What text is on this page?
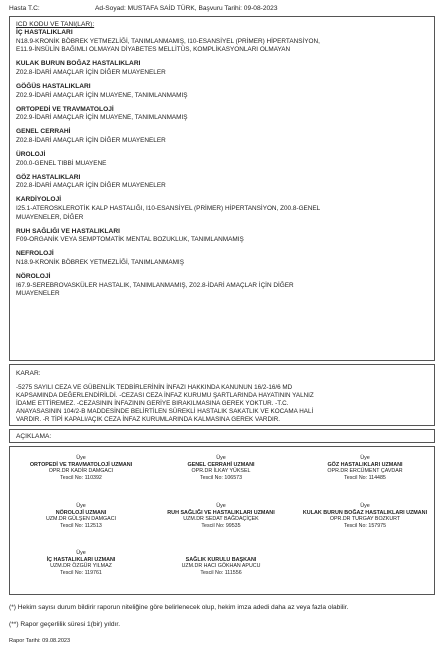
Hasta T.C:	Ad-Soyad: MUSTAFA SAİD TÜRK, Başvuru Tarihi: 09-08-2023
ICD KODU VE TANI(LAR):
İÇ HASTALIKLARI
N18.9-KRONİK BÖBREK YETMEZLİĞİ, TANIMLANMAMIŞ, I10-ESANSİYEL (PRİMER) HİPERTANSİYON,
E11.9-İNSÜLİN BAĞIMLI OLMAYAN DİYABETES MELLİTÜS, KOMPLİKASYONLARI OLMAYAN
KULAK BURUN BOĞAZ HASTALIKLARI
Z02.8-İDARİ AMAÇLAR İÇİN DİĞER MUAYENELER
GÖĞÜS HASTALIKLARI
Z02.9-İDARİ AMAÇLAR İÇİN MUAYENE, TANIMLANMAMIŞ
ORTOPEDİ VE TRAVMATOLOJİ
Z02.9-İDARİ AMAÇLAR İÇİN MUAYENE, TANIMLANMAMIŞ
GENEL CERRAHİ
Z02.8-İDARİ AMAÇLAR İÇİN DİĞER MUAYENELER
ÜROLOJİ
Z00.0-GENEL TIBBİ MUAYENE
GÖZ HASTALIKLARI
Z02.8-İDARİ AMAÇLAR İÇİN DİĞER MUAYENELER
KARDİYOLOJİ
I25.1-ATEROSKLEROTİK KALP HASTALIĞI, I10-ESANSİYEL (PRİMER) HİPERTANSİYON, Z00.8-GENEL
MUAYENELER, DİĞER
RUH SAĞLIĞI VE HASTALIKLARI
F09-ORGANİK VEYA SEMPTOMATİK MENTAL BOZUKLUK, TANIMLANMAMIŞ
NEFROLOJİ
N18.9-KRONİK BÖBREK YETMEZLİĞİ, TANIMLANMAMIŞ
NÖROLOJİ
I67.9-SEREBROVASKÜLER HASTALIK, TANIMLANMAMIŞ, Z02.8-İDARİ AMAÇLAR İÇİN DİĞER
MUAYENELER
KARAR:
-5275 SAYILI CEZA VE GÜBENLİK TEDBİRLERİNİN İNFAZI HAKKINDA KANUNUN 16/2-16/6 MD
KAPSAMINDA DEĞERLENDİRİLDİ. -CEZASI CEZA İNFAZ KURUMU ŞARTLARINDA HAYATININ YALNIZ
İDAME ETTİREMEZ. -CEZASININ İNFAZININ GERİYE BIRAKILMASINA GEREK YOKTUR. -T.C.
ANAYASASININ 104/2-B MADDESİNDE BELİRTİLEN SÜREKLİ HASTALIK SAKATLIK VE KOCAMA HALİ
VARDIR. -R TİPİ KAPALI/AÇIK CEZA İNFAZ KURUMLARINDA KALMASINA GEREK VARDIR.
AÇIKLAMA:
Üye
ORTOPEDİ VE TRAVMATOLOJİ UZMANI
OPR.DR KADİR DAMGACI
Tescil No: 110392
Üye
GENEL CERRAHİ UZMANI
OPR.DR İLKAY YÜKSEL
Tescil No: 106573
Üye
GÖZ HASTALIKLARI UZMANI
OPR.DR ERCÜMENT ÇAVDAR
Tescil No: 114485
Üye
NÖROLOJİ UZMANI
UZM.DR GÜLŞEN DAMGACI
Tescil No: 112513
Üye
RUH SAĞLIĞI VE HASTALIKLARI UZMANI
UZM.DR SEDAT BAĞDAÇİÇEK
Tescil No: 99535
Üye
KULAK BURUN BOĞAZ HASTALIKLARI UZMANI
OPR.DR TURGAY BOZKURT
Tescil No: 157975
Üye
İÇ HASTALIKLARI UZMANI
UZM.DR ÖZGÜR YILMAZ
Tescil No: 119761

SAĞLIK KURULU BAŞKANI
UZM.DR HACI GÖKHAN APUCU
Tescil No: 111556
(*) Hekim sayısı durum bildirir raporun niteliğine göre belirlenecek olup, hekim imza adedi daha az veya fazla olabilir.
(**) Rapor geçerlilik süresi 1(bir) yıldır.
Rapor Tarihi: 09.08.2023
